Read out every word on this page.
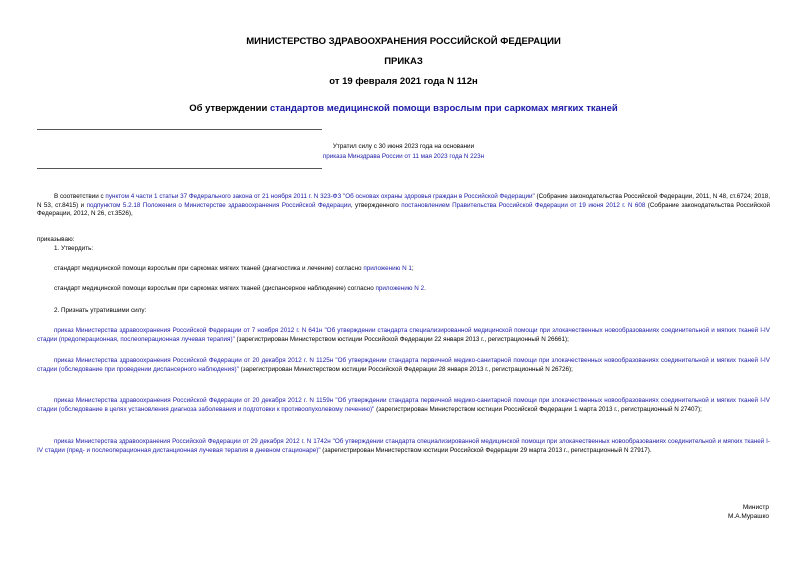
МИНИСТЕРСТВО ЗДРАВООХРАНЕНИЯ РОССИЙСКОЙ ФЕДЕРАЦИИ
ПРИКАЗ
от 19 февраля 2021 года N 112н
Об утверждении стандартов медицинской помощи взрослым при саркомах мягких тканей
Утратил силу с 30 июня 2023 года на основании
приказа Минздрава России от 11 мая 2023 года N 223н
В соответствии с пунктом 4 части 1 статьи 37 Федерального закона от 21 ноября 2011 г. N 323-ФЗ "Об основах охраны здоровья граждан в Российской Федерации" (Собрание законодательства Российской Федерации, 2011, N 48, ст.6724; 2018, N 53, ст.8415) и подпунктом 5.2.18 Положения о Министерстве здравоохранения Российской Федерации, утвержденного постановлением Правительства Российской Федерации от 19 июня 2012 г. N 608 (Собрание законодательства Российской Федерации, 2012, N 26, ст.3526),
приказываю:
1. Утвердить:
стандарт медицинской помощи взрослым при саркомах мягких тканей (диагностика и лечение) согласно приложению N 1;
стандарт медицинской помощи взрослым при саркомах мягких тканей (диспансерное наблюдение) согласно приложению N 2.
2. Признать утратившими силу:
приказ Министерства здравоохранения Российской Федерации от 7 ноября 2012 г. N 641н "Об утверждении стандарта специализированной медицинской помощи при злокачественных новообразованиях соединительной и мягких тканей I-IV стадии (предоперационная, послеоперационная лучевая терапия)" (зарегистрирован Министерством юстиции Российской Федерации 22 января 2013 г., регистрационный N 26661);
приказ Министерства здравоохранения Российской Федерации от 20 декабря 2012 г. N 1125н "Об утверждении стандарта первичной медико-санитарной помощи при злокачественных новообразованиях соединительной и мягких тканей I-IV стадии (обследование при проведении диспансерного наблюдения)" (зарегистрирован Министерством юстиции Российской Федерации 28 января 2013 г., регистрационный N 26726);
приказ Министерства здравоохранения Российской Федерации от 20 декабря 2012 г. N 1159н "Об утверждении стандарта первичной медико-санитарной помощи при злокачественных новообразованиях соединительной и мягких тканей I-IV стадии (обследование в целях установления диагноза заболевания и подготовки к противоопухолевому лечению)" (зарегистрирован Министерством юстиции Российской Федерации 1 марта 2013 г., регистрационный N 27407);
приказ Министерства здравоохранения Российской Федерации от 29 декабря 2012 г. N 1742н "Об утверждении стандарта специализированной медицинской помощи при злокачественных новообразованиях соединительной и мягких тканей I-IV стадии (пред- и послеоперационная дистанционная лучевая терапия в дневном стационаре)" (зарегистрирован Министерством юстиции Российской Федерации 29 марта 2013 г., регистрационный N 27917).
Министр
М.А.Мурашко
